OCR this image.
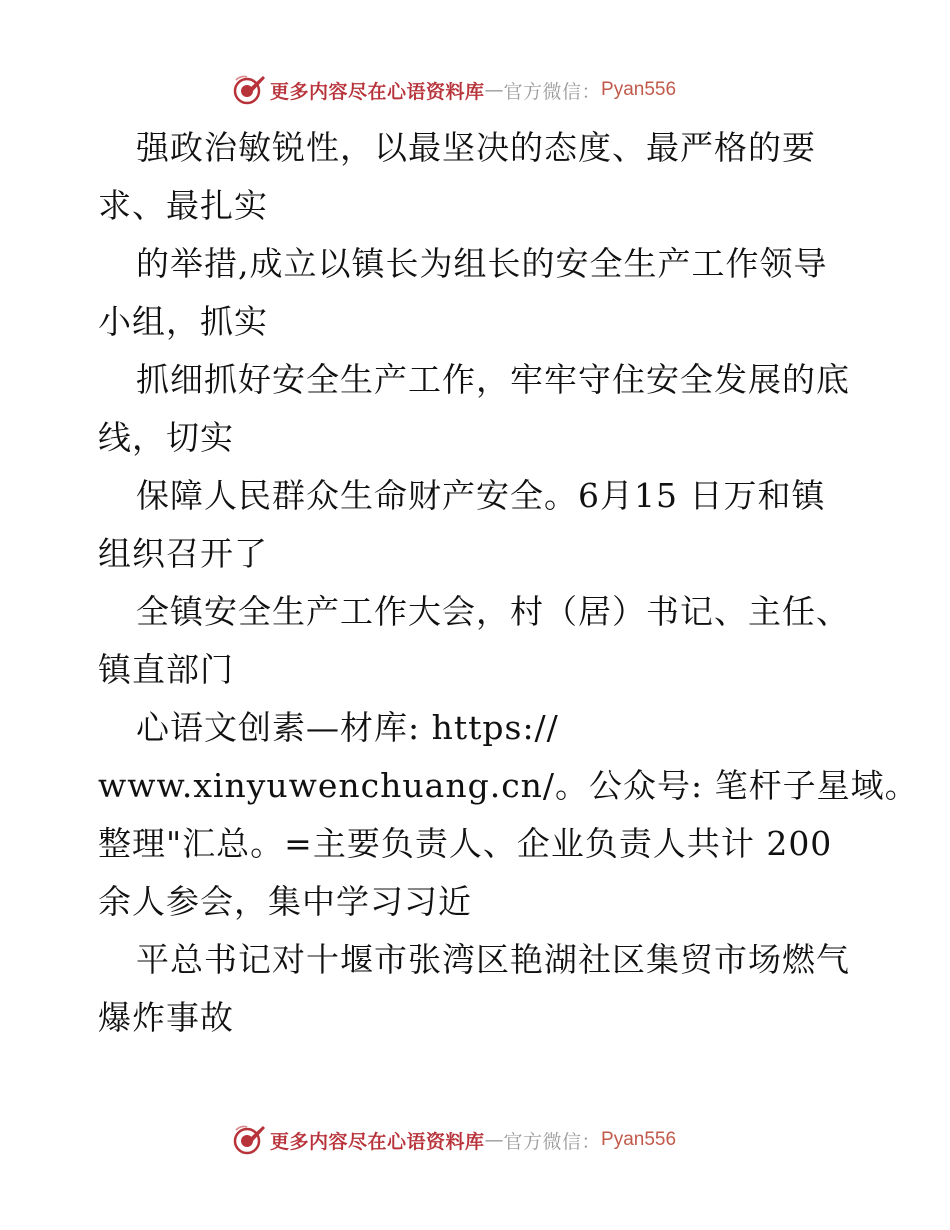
更多内容尽在心语资料库 — 官方微信： Pyan556
强政治敏锐性，以最坚决的态度、最严格的要
求、最扎实
的举措,成立以镇长为组长的安全生产工作领导
小组，抓实
抓细抓好安全生产工作，牢牢守住安全发展的底
线，切实
保障人民群众生命财产安全。6月15 日万和镇
组织召开了
全镇安全生产工作大会，村（居）书记、主任、
镇直部门
心语文创素—材库: https://
www.xinyuwenchuang.cn/。公众号: 笔杆子星域。
整理"汇总。=主要负责人、企业负责人共计 200
余人参会，集中学习习近
平总书记对十堰市张湾区艳湖社区集贸市场燃气
爆炸事故
更多内容尽在心语资料库 — 官方微信： Pyan556
